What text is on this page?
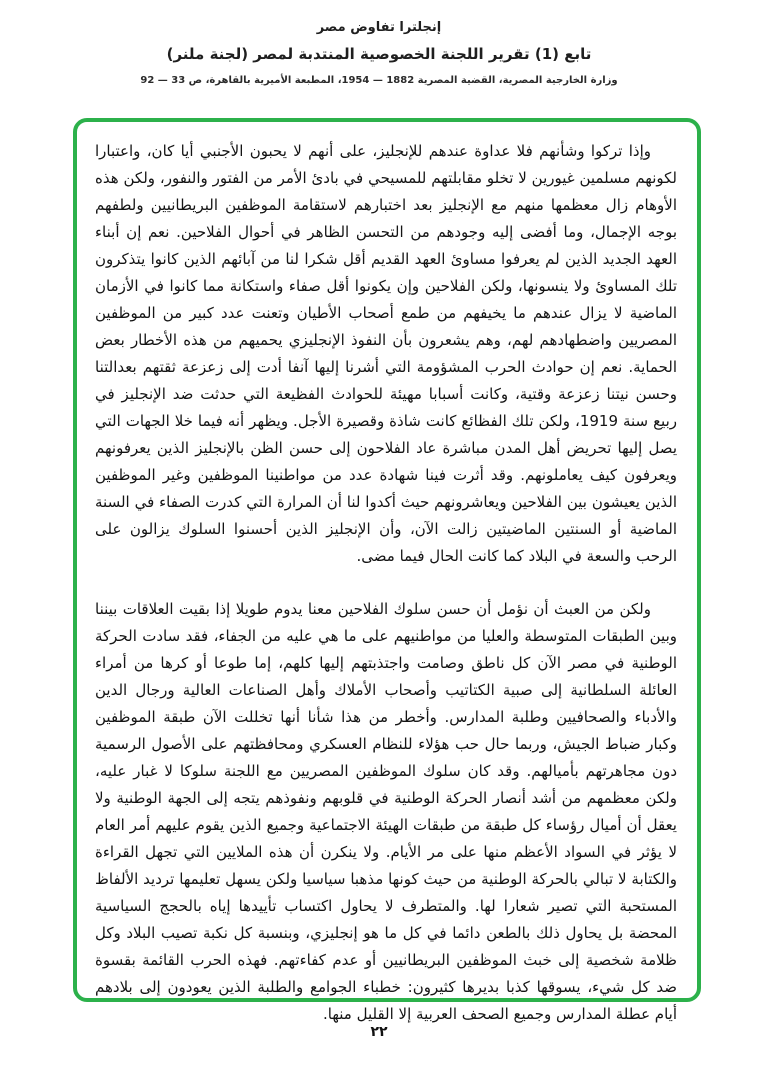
إنجلترا تفاوض مصر
تابع (1) تقرير اللجنة الخصوصية المنتدبة لمصر (لجنة ملنر)
وزارة الخارجية المصرية، القضية المصرية 1882 — 1954، المطبعة الأميرية بالقاهرة، ص 33 — 92

وإذا تركوا وشأنهم فلا عداوة عندهم للإنجليز، على أنهم لا يحبون الأجنبي أيا كان، واعتبارا لكونهم مسلمين غيورين لا تخلو مقابلتهم للمسيحي في بادئ الأمر من الفتور والنفور، ولكن هذه الأوهام زال معظمها منهم مع الإنجليز بعد اختبارهم لاستقامة الموظفين البريطانيين ولطفهم بوجه الإجمال، وما أفضى إليه وجودهم من التحسن الظاهر في أحوال الفلاحين. نعم إن أبناء العهد الجديد الذين لم يعرفوا مساوئ العهد القديم أقل شكرا لنا من آبائهم الذين كانوا يتذكرون تلك المساوئ ولا ينسونها، ولكن الفلاحين وإن يكونوا أقل صفاء واستكانة مما كانوا في الأزمان الماضية لا يزال عندهم ما يخيفهم من طمع أصحاب الأطيان وتعنت عدد كبير من الموظفين المصريين واضطهادهم لهم، وهم يشعرون بأن النفوذ الإنجليزي يحميهم من هذه الأخطار بعض الحماية. نعم إن حوادث الحرب المشؤومة التي أشرنا إليها آنفا أدت إلى زعزعة ثقتهم بعدالتنا وحسن نيتنا زعزعة وقتية، وكانت أسبابا مهيئة للحوادث الفظيعة التي حدثت ضد الإنجليز في ربيع سنة 1919، ولكن تلك الفظائع كانت شاذة وقصيرة الأجل. ويظهر أنه فيما خلا الجهات التي يصل إليها تحريض أهل المدن مباشرة عاد الفلاحون إلى حسن الظن بالإنجليز الذين يعرفونهم ويعرفون كيف يعاملونهم. وقد أثرت فينا شهادة عدد من مواطنينا الموظفين وغير الموظفين الذين يعيشون بين الفلاحين ويعاشرونهم حيث أكدوا لنا أن المرارة التي كدرت الصفاء في السنة الماضية أو السنتين الماضيتين زالت الآن، وأن الإنجليز الذين أحسنوا السلوك يزالون على الرحب والسعة في البلاد كما كانت الحال فيما مضى.

ولكن من العبث أن نؤمل أن حسن سلوك الفلاحين معنا يدوم طويلا إذا بقيت العلاقات بيننا وبين الطبقات المتوسطة والعليا من مواطنيهم على ما هي عليه من الجفاء، فقد سادت الحركة الوطنية في مصر الآن كل ناطق وصامت واجتذبتهم إليها كلهم، إما طوعا أو كرها من أمراء العائلة السلطانية إلى صبية الكتاتيب وأصحاب الأملاك وأهل الصناعات العالية ورجال الدين والأدباء والصحافيين وطلبة المدارس. وأخطر من هذا شأنا أنها تخللت الآن طبقة الموظفين وكبار ضباط الجيش، وربما حال حب هؤلاء للنظام العسكري ومحافظتهم على الأصول الرسمية دون مجاهرتهم بأميالهم. وقد كان سلوك الموظفين المصريين مع اللجنة سلوكا لا غبار عليه، ولكن معظمهم من أشد أنصار الحركة الوطنية في قلوبهم ونفوذهم يتجه إلى الجهة الوطنية ولا يعقل أن أميال رؤساء كل طبقة من طبقات الهيئة الاجتماعية وجميع الذين يقوم عليهم أمر العام لا يؤثر في السواد الأعظم منها على مر الأيام. ولا ينكرن أن هذه الملايين التي تجهل القراءة والكتابة لا تبالي بالحركة الوطنية من حيث كونها مذهبا سياسيا ولكن يسهل تعليمها ترديد الألفاظ المستحبة التي تصير شعارا لها. والمتطرف لا يحاول اكتساب تأييدها إياه بالحجج السياسية المحضة بل يحاول ذلك بالطعن دائما في كل ما هو إنجليزي، وبنسبة كل نكبة تصيب البلاد وكل ظلامة شخصية إلى خبث الموظفين البريطانيين أو عدم كفاءتهم. فهذه الحرب القائمة بقسوة ضد كل شيء، يسوقها كذبا بديرها كثيرون: خطباء الجوامع والطلبة الذين يعودون إلى بلادهم أيام عطلة المدارس وجميع الصحف العربية إلا القليل منها.

٢٢
